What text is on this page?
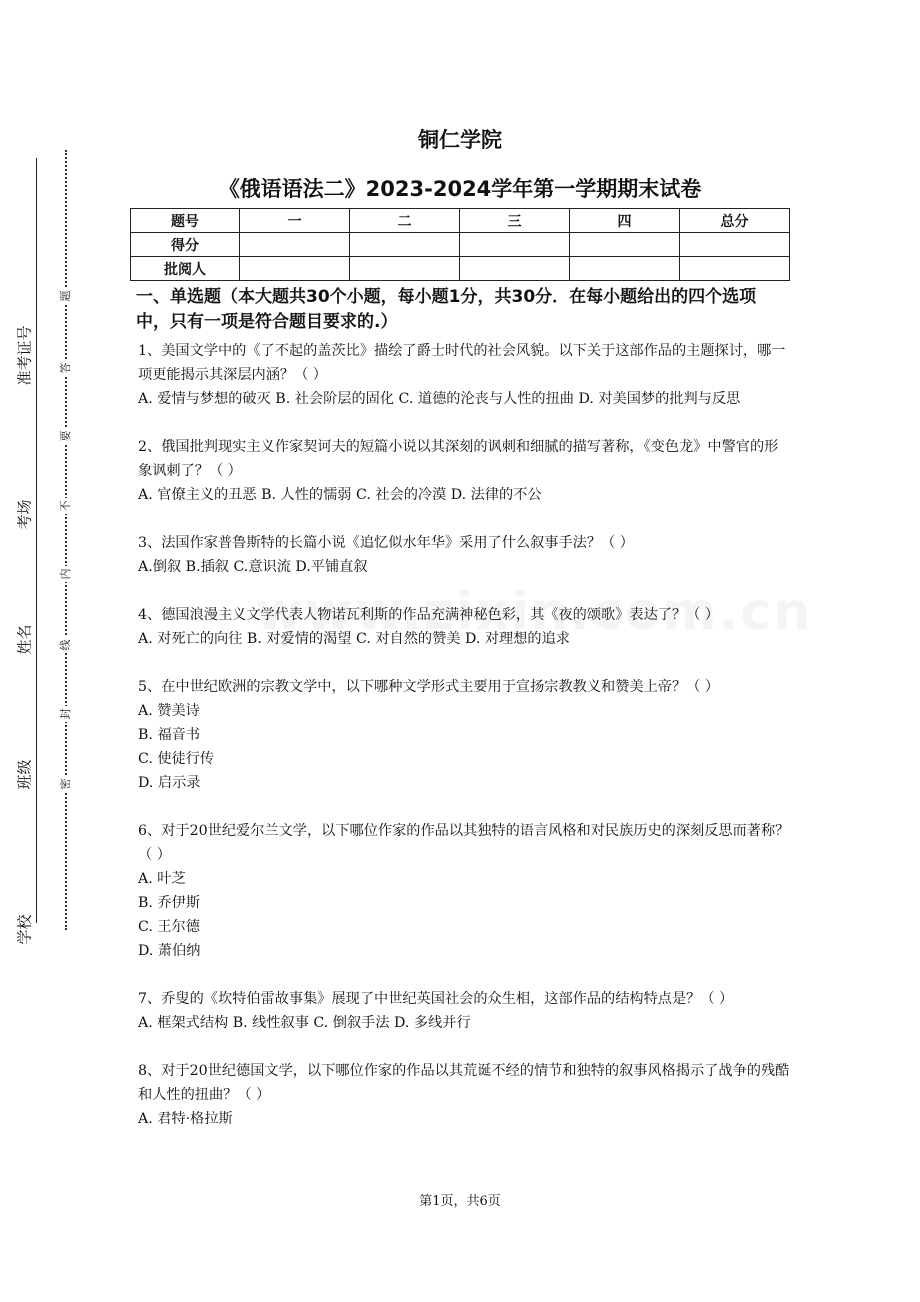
准考证号
考场
姓名
班级
学校
题
答
要
不
内
线
封
密
铜仁学院
《俄语语法二》2023-2024学年第一学期期末试卷
题号	一	二	三	四	总分
得分					
批阅人					

一、单选题（本大题共30个小题，每小题1分，共30分．在每小题给出的四个选项中，只有一项是符合题目要求的.）

1、美国文学中的《了不起的盖茨比》描绘了爵士时代的社会风貌。以下关于这部作品的主题探讨，哪一项更能揭示其深层内涵？（ ）

A. 爱情与梦想的破灭 B. 社会阶层的固化 C. 道德的沦丧与人性的扭曲 D. 对美国梦的批判与反思

2、俄国批判现实主义作家契诃夫的短篇小说以其深刻的讽刺和细腻的描写著称，《变色龙》中警官的形象讽刺了？（ ）

A. 官僚主义的丑恶 B. 人性的懦弱 C. 社会的冷漠 D. 法律的不公

3、法国作家普鲁斯特的长篇小说《追忆似水年华》采用了什么叙事手法？（ ）

A.倒叙 B.插叙 C.意识流 D.平铺直叙

4、德国浪漫主义文学代表人物诺瓦利斯的作品充满神秘色彩，其《夜的颂歌》表达了？（ ）

A. 对死亡的向往 B. 对爱情的渴望 C. 对自然的赞美 D. 对理想的追求

5、在中世纪欧洲的宗教文学中，以下哪种文学形式主要用于宣扬宗教教义和赞美上帝？（ ）

A. 赞美诗

B. 福音书

C. 使徒行传

D. 启示录

6、对于20世纪爱尔兰文学，以下哪位作家的作品以其独特的语言风格和对民族历史的深刻反思而著称？（ ）

A. 叶芝

B. 乔伊斯

C. 王尔德

D. 萧伯纳

7、乔叟的《坎特伯雷故事集》展现了中世纪英国社会的众生相，这部作品的结构特点是？（ ）

A. 框架式结构 B. 线性叙事 C. 倒叙手法 D. 多线并行

8、对于20世纪德国文学，以下哪位作家的作品以其荒诞不经的情节和独特的叙事风格揭示了战争的残酷和人性的扭曲？（ ）

A. 君特·格拉斯

第1页，共6页
